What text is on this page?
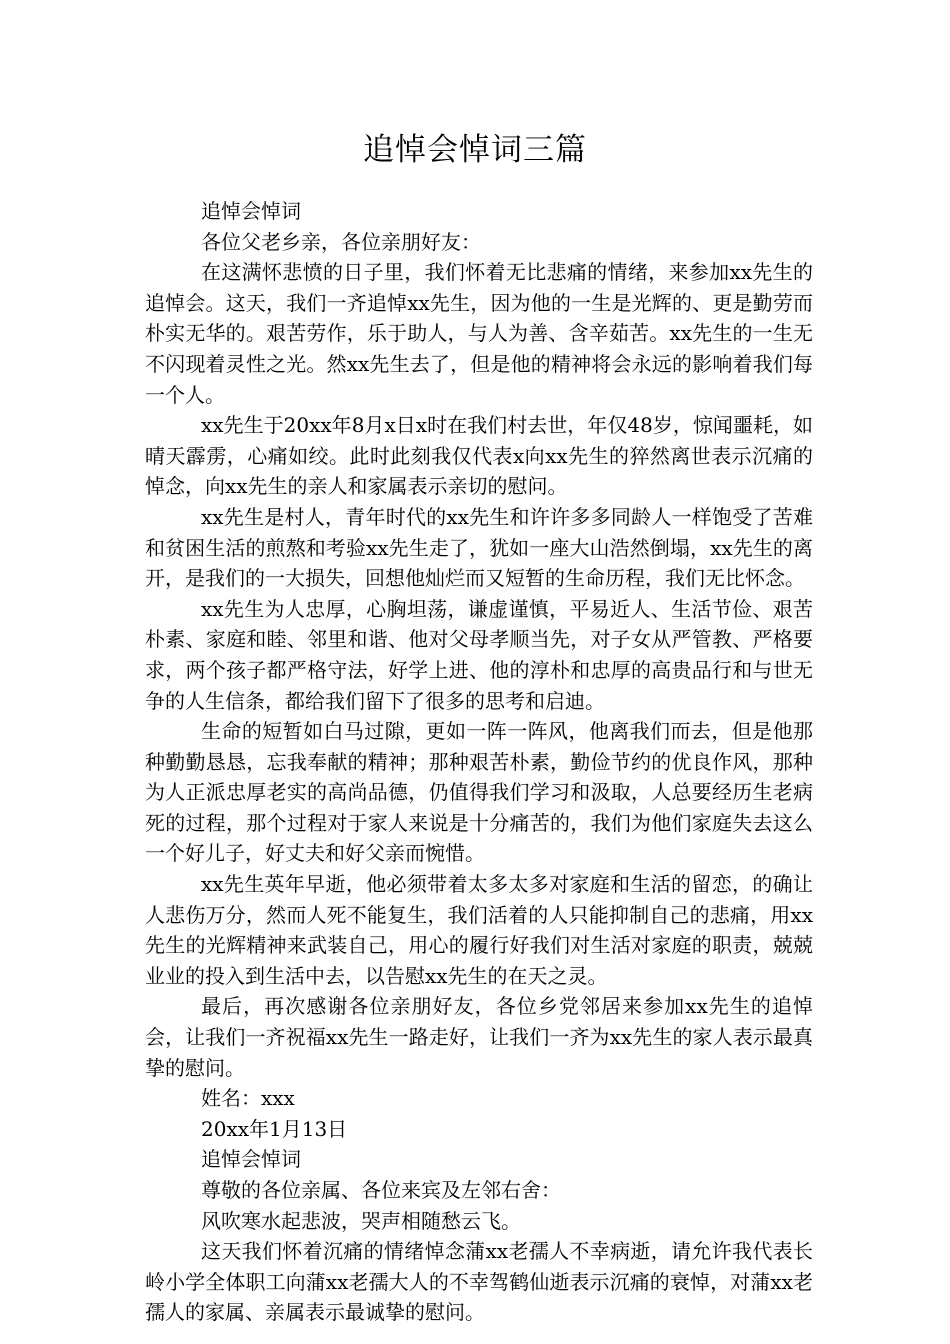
追悼会悼词三篇

追悼会悼词

各位父老乡亲，各位亲朋好友：

在这满怀悲愤的日子里，我们怀着无比悲痛的情绪，来参加xx先生的追悼会。这天，我们一齐追悼xx先生，因为他的一生是光辉的、更是勤劳而朴实无华的。艰苦劳作，乐于助人，与人为善、含辛茹苦。xx先生的一生无不闪现着灵性之光。然xx先生去了，但是他的精神将会永远的影响着我们每一个人。

xx先生于20xx年8月x日x时在我们村去世，年仅48岁，惊闻噩耗，如晴天霹雳，心痛如绞。此时此刻我仅代表x向xx先生的猝然离世表示沉痛的悼念，向xx先生的亲人和家属表示亲切的慰问。

xx先生是村人，青年时代的xx先生和许许多多同龄人一样饱受了苦难和贫困生活的煎熬和考验xx先生走了，犹如一座大山浩然倒塌，xx先生的离开，是我们的一大损失，回想他灿烂而又短暂的生命历程，我们无比怀念。

xx先生为人忠厚，心胸坦荡，谦虚谨慎，平易近人、生活节俭、艰苦朴素、家庭和睦、邻里和谐、他对父母孝顺当先，对子女从严管教、严格要求，两个孩子都严格守法，好学上进、他的淳朴和忠厚的高贵品行和与世无争的人生信条，都给我们留下了很多的思考和启迪。

生命的短暂如白马过隙，更如一阵一阵风，他离我们而去，但是他那种勤勤恳恳，忘我奉献的精神；那种艰苦朴素，勤俭节约的优良作风，那种为人正派忠厚老实的高尚品德，仍值得我们学习和汲取，人总要经历生老病死的过程，那个过程对于家人来说是十分痛苦的，我们为他们家庭失去这么一个好儿子，好丈夫和好父亲而惋惜。

xx先生英年早逝，他必须带着太多太多对家庭和生活的留恋，的确让人悲伤万分，然而人死不能复生，我们活着的人只能抑制自己的悲痛，用xx先生的光辉精神来武装自己，用心的履行好我们对生活对家庭的职责，兢兢业业的投入到生活中去，以告慰xx先生的在天之灵。

最后，再次感谢各位亲朋好友，各位乡党邻居来参加xx先生的追悼会，让我们一齐祝福xx先生一路走好，让我们一齐为xx先生的家人表示最真挚的慰问。

姓名：xxx

20xx年1月13日

追悼会悼词

尊敬的各位亲属、各位来宾及左邻右舍：

风吹寒水起悲波，哭声相随愁云飞。

这天我们怀着沉痛的情绪悼念蒲xx老孺人不幸病逝，请允许我代表长岭小学全体职工向蒲xx老孺大人的不幸驾鹤仙逝表示沉痛的衰悼，对蒲xx老孺人的家属、亲属表示最诚挚的慰问。
